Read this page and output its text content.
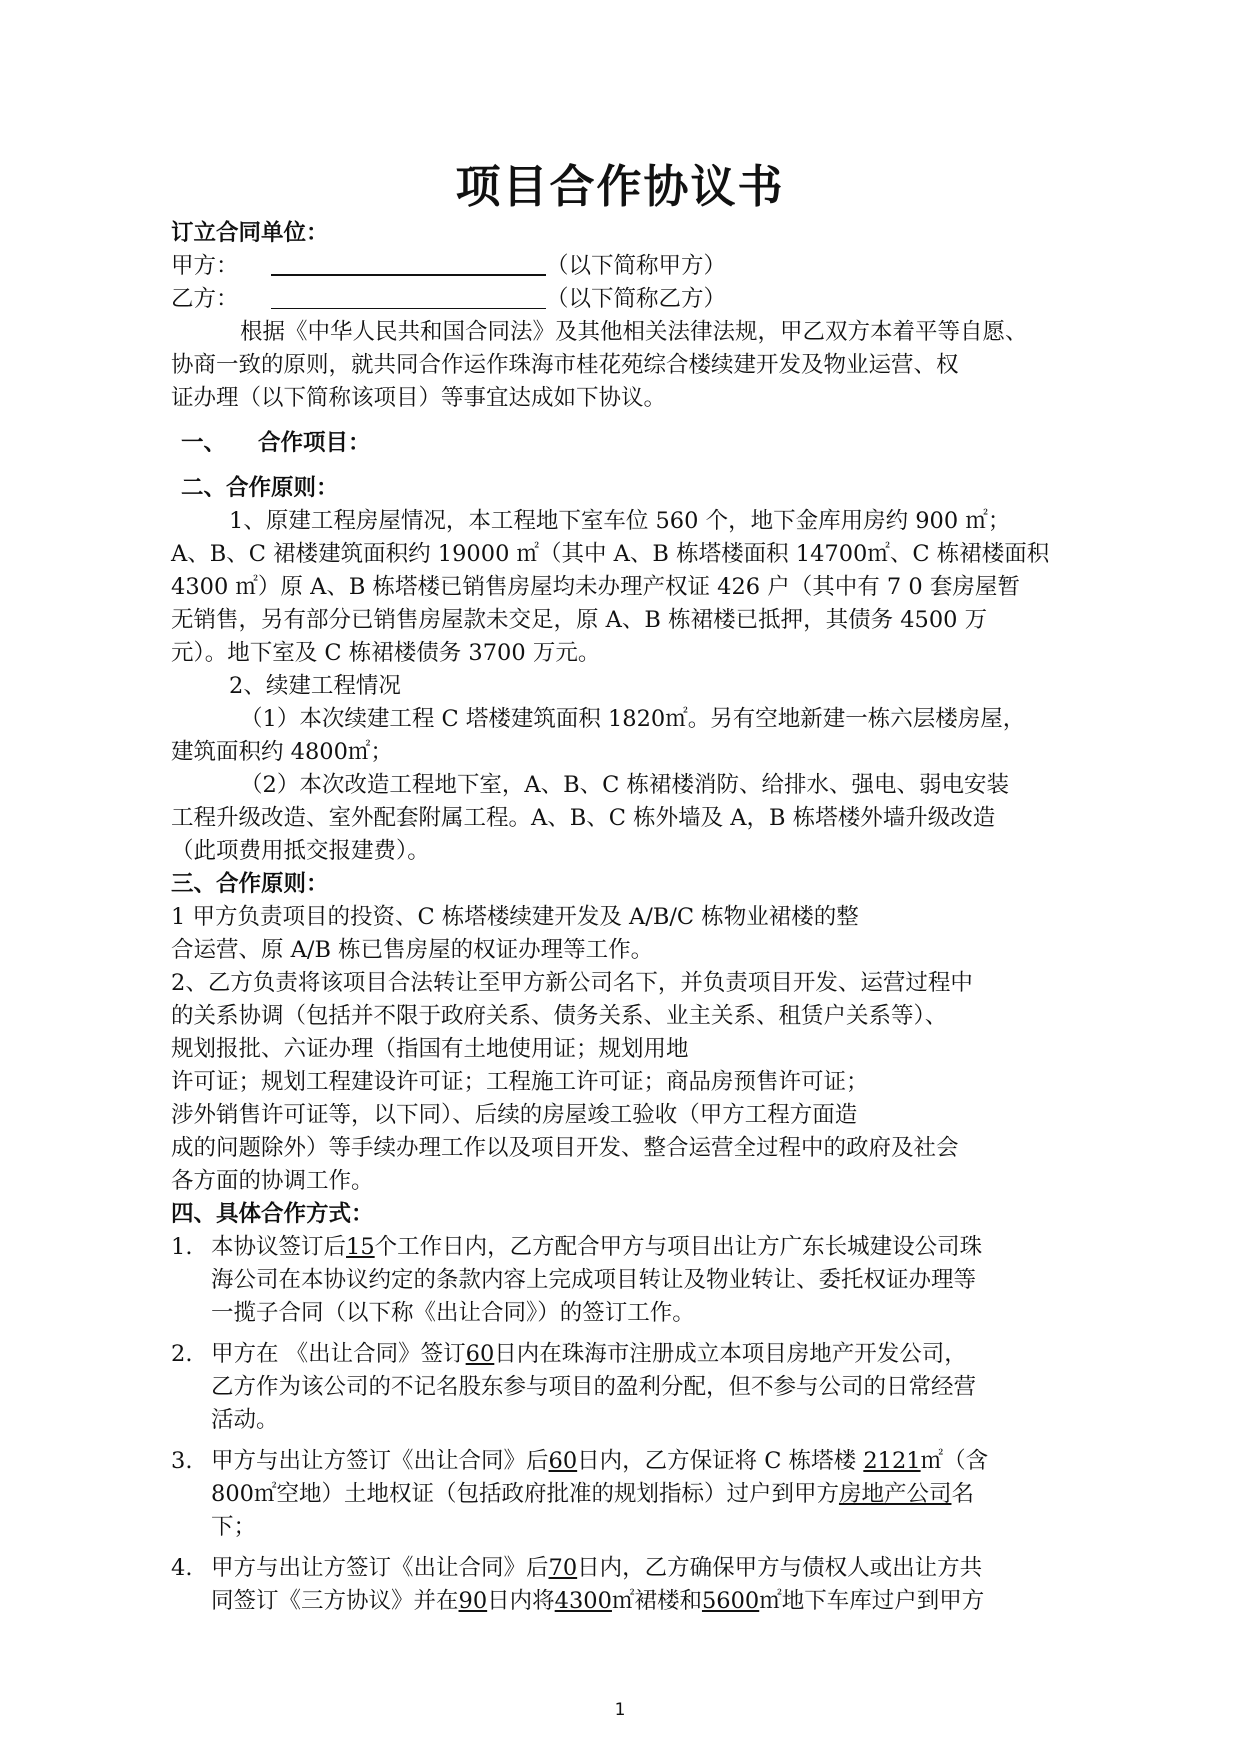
项目合作协议书
订立合同单位：
甲方：	（以下简称甲方）
乙方：	（以下简称乙方）
根据《中华人民共和国合同法》及其他相关法律法规，甲乙双方本着平等自愿、
协商一致的原则，就共同合作运作珠海市桂花苑综合楼续建开发及物业运营、权
证办理（以下简称该项目）等事宜达成如下协议。
一、 合作项目：
二、合作原则：
1、原建工程房屋情况，本工程地下室车位 560 个，地下金库用房约 900 ㎡；
A、B、C 裙楼建筑面积约 19000 ㎡（其中 A、B 栋塔楼面积 14700㎡、C 栋裙楼面积
4300 ㎡）原 A、B 栋塔楼已销售房屋均未办理产权证 426 户（其中有 7 0 套房屋暂
无销售，另有部分已销售房屋款未交足，原 A、B 栋裙楼已抵押，其债务 4500 万
元）。地下室及 C 栋裙楼债务 3700 万元。
2、续建工程情况
（1）本次续建工程 C 塔楼建筑面积 1820㎡。另有空地新建一栋六层楼房屋，
建筑面积约 4800㎡；
（2）本次改造工程地下室，A、B、C 栋裙楼消防、给排水、强电、弱电安装
工程升级改造、室外配套附属工程。A、B、C 栋外墙及 A，B 栋塔楼外墙升级改造
（此项费用抵交报建费）。
三、合作原则：
1 甲方负责项目的投资、C 栋塔楼续建开发及 A/B/C 栋物业裙楼的整
合运营、原 A/B 栋已售房屋的权证办理等工作。
2、乙方负责将该项目合法转让至甲方新公司名下，并负责项目开发、运营过程中
的关系协调（包括并不限于政府关系、债务关系、业主关系、租赁户关系等）、
规划报批、六证办理（指国有土地使用证；规划用地
许可证；规划工程建设许可证；工程施工许可证；商品房预售许可证；
涉外销售许可证等，以下同）、后续的房屋竣工验收（甲方工程方面造
成的问题除外）等手续办理工作以及项目开发、整合运营全过程中的政府及社会
各方面的协调工作。
四、具体合作方式：
1. 本协议签订后15个工作日内，乙方配合甲方与项目出让方广东长城建设公司珠
海公司在本协议约定的条款内容上完成项目转让及物业转让、委托权证办理等
一揽子合同（以下称《出让合同》）的签订工作。
2. 甲方在 《出让合同》签订60日内在珠海市注册成立本项目房地产开发公司，
乙方作为该公司的不记名股东参与项目的盈利分配，但不参与公司的日常经营
活动。
3. 甲方与出让方签订《出让合同》后60日内，乙方保证将 C 栋塔楼 2121㎡（含
800㎡空地）土地权证（包括政府批准的规划指标）过户到甲方房地产公司名
下；
4. 甲方与出让方签订《出让合同》后70日内，乙方确保甲方与债权人或出让方共
同签订《三方协议》并在90日内将4300㎡裙楼和5600㎡地下车库过户到甲方
1
